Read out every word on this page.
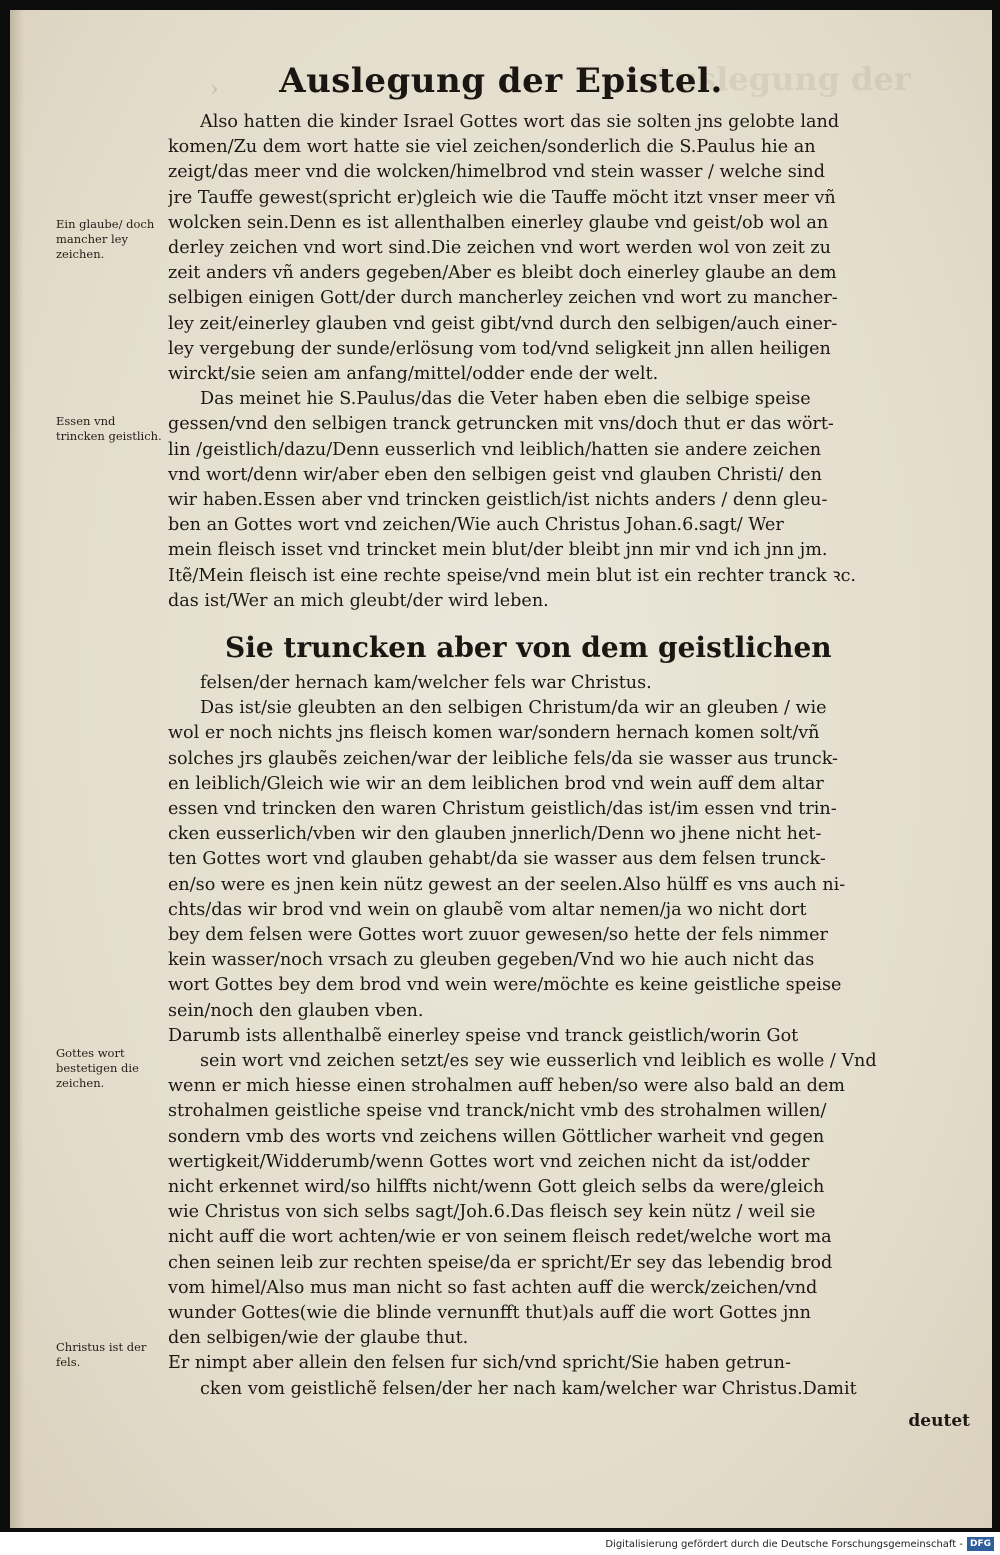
Auslegung der
›	Auslegung der Epistel.
Ein glaube/ doch mancher ley zeichen.
Essen vnd trincken geistlich.
Gottes wort bestetigen die zeichen.
Christus ist der fels.
Also hatten die kinder Israel Gottes wort das sie solten jns gelobte land
komen/Zu dem wort hatte sie viel zeichen/sonderlich die S.Paulus hie an
zeigt/das meer vnd die wolcken/himelbrod vnd stein wasser / welche sind
jre Tauffe gewest(spricht er)gleich wie die Tauffe möcht itzt vnser meer vñ
wolcken sein.Denn es ist allenthalben einerley glaube vnd geist/ob wol an
derley zeichen vnd wort sind.Die zeichen vnd wort werden wol von zeit zu
zeit anders vñ anders gegeben/Aber es bleibt doch einerley glaube an dem
selbigen einigen Gott/der durch mancherley zeichen vnd wort zu mancher-
ley zeit/einerley glauben vnd geist gibt/vnd durch den selbigen/auch einer-
ley vergebung der sunde/erlösung vom tod/vnd seligkeit jnn allen heiligen
wirckt/sie seien am anfang/mittel/odder ende der welt.
Das meinet hie S.Paulus/das die Veter haben eben die selbige speise
gessen/vnd den selbigen tranck getruncken mit vns/doch thut er das wört-
lin /geistlich/dazu/Denn eusserlich vnd leiblich/hatten sie andere zeichen
vnd wort/denn wir/aber eben den selbigen geist vnd glauben Christi/ den
wir haben.Essen aber vnd trincken geistlich/ist nichts anders / denn gleu-
ben an Gottes wort vnd zeichen/Wie auch Christus Johan.6.sagt/ Wer
mein fleisch isset vnd trincket mein blut/der bleibt jnn mir vnd ich jnn jm.
Itẽ/Mein fleisch ist eine rechte speise/vnd mein blut ist ein rechter tranck ꝛc.
das ist/Wer an mich gleubt/der wird leben.
Sie truncken aber von dem geistlichen
felsen/der hernach kam/welcher fels war Christus.
Das ist/sie gleubten an den selbigen Christum/da wir an gleuben / wie
wol er noch nichts jns fleisch komen war/sondern hernach komen solt/vñ
solches jrs glaubẽs zeichen/war der leibliche fels/da sie wasser aus trunck-
en leiblich/Gleich wie wir an dem leiblichen brod vnd wein auff dem altar
essen vnd trincken den waren Christum geistlich/das ist/im essen vnd trin-
cken eusserlich/vben wir den glauben jnnerlich/Denn wo jhene nicht het-
ten Gottes wort vnd glauben gehabt/da sie wasser aus dem felsen trunck-
en/so were es jnen kein nütz gewest an der seelen.Also hülff es vns auch ni-
chts/das wir brod vnd wein on glaubẽ vom altar nemen/ja wo nicht dort
bey dem felsen were Gottes wort zuuor gewesen/so hette der fels nimmer
kein wasser/noch vrsach zu gleuben gegeben/Vnd wo hie auch nicht das
wort Gottes bey dem brod vnd wein were/möchte es keine geistliche speise
sein/noch den glauben vben.
Darumb ists allenthalbẽ einerley speise vnd tranck geistlich/worin Got
sein wort vnd zeichen setzt/es sey wie eusserlich vnd leiblich es wolle / Vnd
wenn er mich hiesse einen strohalmen auff heben/so were also bald an dem
strohalmen geistliche speise vnd tranck/nicht vmb des strohalmen willen/
sondern vmb des worts vnd zeichens willen Göttlicher warheit vnd gegen
wertigkeit/Widderumb/wenn Gottes wort vnd zeichen nicht da ist/odder
nicht erkennet wird/so hilffts nicht/wenn Gott gleich selbs da were/gleich
wie Christus von sich selbs sagt/Joh.6.Das fleisch sey kein nütz / weil sie
nicht auff die wort achten/wie er von seinem fleisch redet/welche wort ma
chen seinen leib zur rechten speise/da er spricht/Er sey das lebendig brod
vom himel/Also mus man nicht so fast achten auff die werck/zeichen/vnd
wunder Gottes(wie die blinde vernunfft thut)als auff die wort Gottes jnn
den selbigen/wie der glaube thut.
Er nimpt aber allein den felsen fur sich/vnd spricht/Sie haben getrun-
cken vom geistlichẽ felsen/der her nach kam/welcher war Christus.Damit
deutet
Digitalisierung gefördert durch die Deutsche Forschungsgemeinschaft - DFG
